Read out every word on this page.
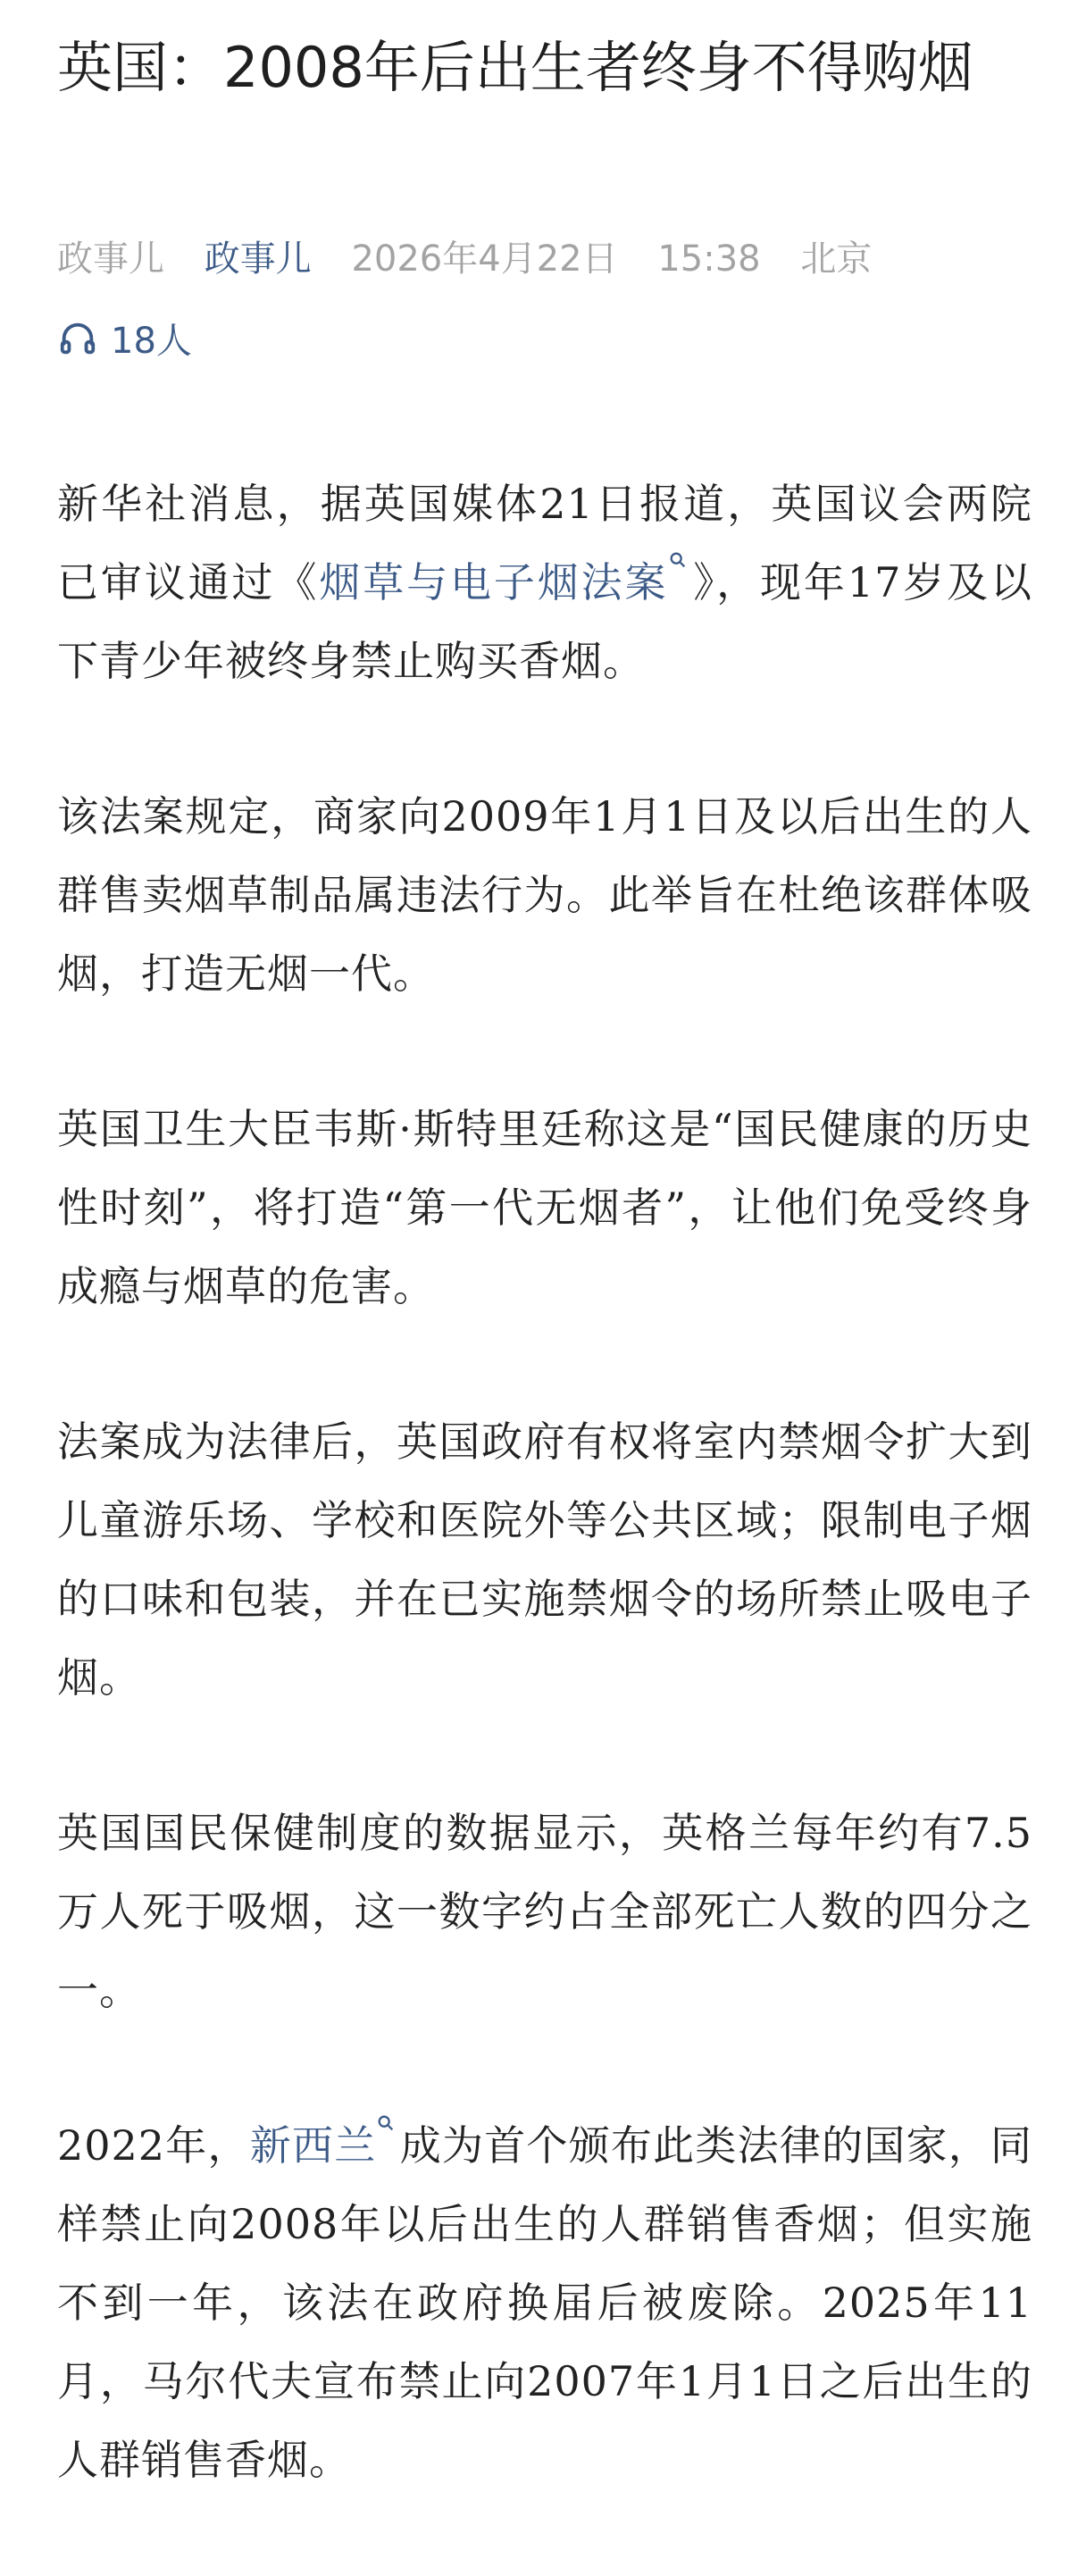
英国：2008年后出生者终身不得购烟
政事儿 政事儿 2026年4月22日 15:38 北京
18人

新华社消息，据英国媒体21日报道，英国议会两院已审议通过《烟草与电子烟法案 》，现年17岁及以下青少年被终身禁止购买香烟。

该法案规定，商家向2009年1月1日及以后出生的人群售卖烟草制品属违法行为。此举旨在杜绝该群体吸烟，打造无烟一代。

英国卫生大臣韦斯·斯特里廷称这是“国民健康的历史性时刻”，将打造“第一代无烟者”，让他们免受终身成瘾与烟草的危害。

法案成为法律后，英国政府有权将室内禁烟令扩大到儿童游乐场、学校和医院外等公共区域；限制电子烟的口味和包装，并在已实施禁烟令的场所禁止吸电子烟。

英国国民保健制度的数据显示，英格兰每年约有7.5万人死于吸烟，这一数字约占全部死亡人数的四分之一。

2022年，新西兰 成为首个颁布此类法律的国家，同样禁止向2008年以后出生的人群销售香烟；但实施不到一年，该法在政府换届后被废除。2025年11月，马尔代夫宣布禁止向2007年1月1日之后出生的人群销售香烟。
